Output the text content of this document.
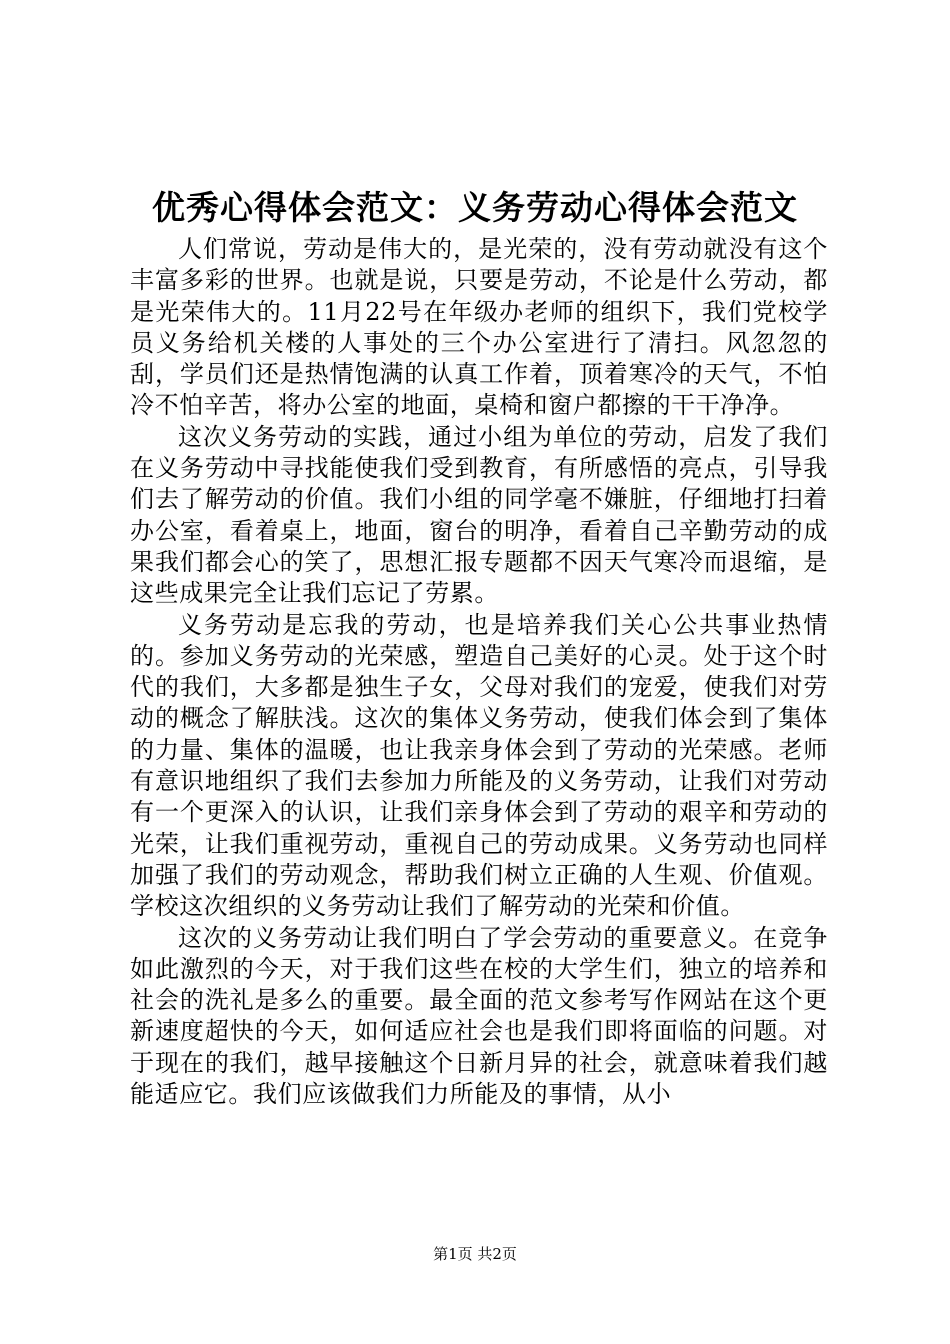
优秀心得体会范文：义务劳动心得体会范文

人们常说，劳动是伟大的，是光荣的，没有劳动就没有这个丰富多彩的世界。也就是说，只要是劳动，不论是什么劳动，都是光荣伟大的。11月22号在年级办老师的组织下，我们党校学员义务给机关楼的人事处的三个办公室进行了清扫。风忽忽的刮，学员们还是热情饱满的认真工作着，顶着寒冷的天气，不怕冷不怕辛苦，将办公室的地面，桌椅和窗户都擦的干干净净。

这次义务劳动的实践，通过小组为单位的劳动，启发了我们在义务劳动中寻找能使我们受到教育，有所感悟的亮点，引导我们去了解劳动的价值。我们小组的同学毫不嫌脏，仔细地打扫着办公室，看着桌上，地面，窗台的明净，看着自己辛勤劳动的成果我们都会心的笑了，思想汇报专题都不因天气寒冷而退缩，是这些成果完全让我们忘记了劳累。

义务劳动是忘我的劳动，也是培养我们关心公共事业热情的。参加义务劳动的光荣感，塑造自己美好的心灵。处于这个时代的我们，大多都是独生子女，父母对我们的宠爱，使我们对劳动的概念了解肤浅。这次的集体义务劳动，使我们体会到了集体的力量、集体的温暖，也让我亲身体会到了劳动的光荣感。老师有意识地组织了我们去参加力所能及的义务劳动，让我们对劳动有一个更深入的认识，让我们亲身体会到了劳动的艰辛和劳动的光荣，让我们重视劳动，重视自己的劳动成果。义务劳动也同样加强了我们的劳动观念，帮助我们树立正确的人生观、价值观。学校这次组织的义务劳动让我们了解劳动的光荣和价值。

这次的义务劳动让我们明白了学会劳动的重要意义。在竞争如此激烈的今天，对于我们这些在校的大学生们，独立的培养和社会的洗礼是多么的重要。最全面的范文参考写作网站在这个更新速度超快的今天，如何适应社会也是我们即将面临的问题。对于现在的我们，越早接触这个日新月异的社会，就意味着我们越能适应它。我们应该做我们力所能及的事情，从小

第1页 共2页
